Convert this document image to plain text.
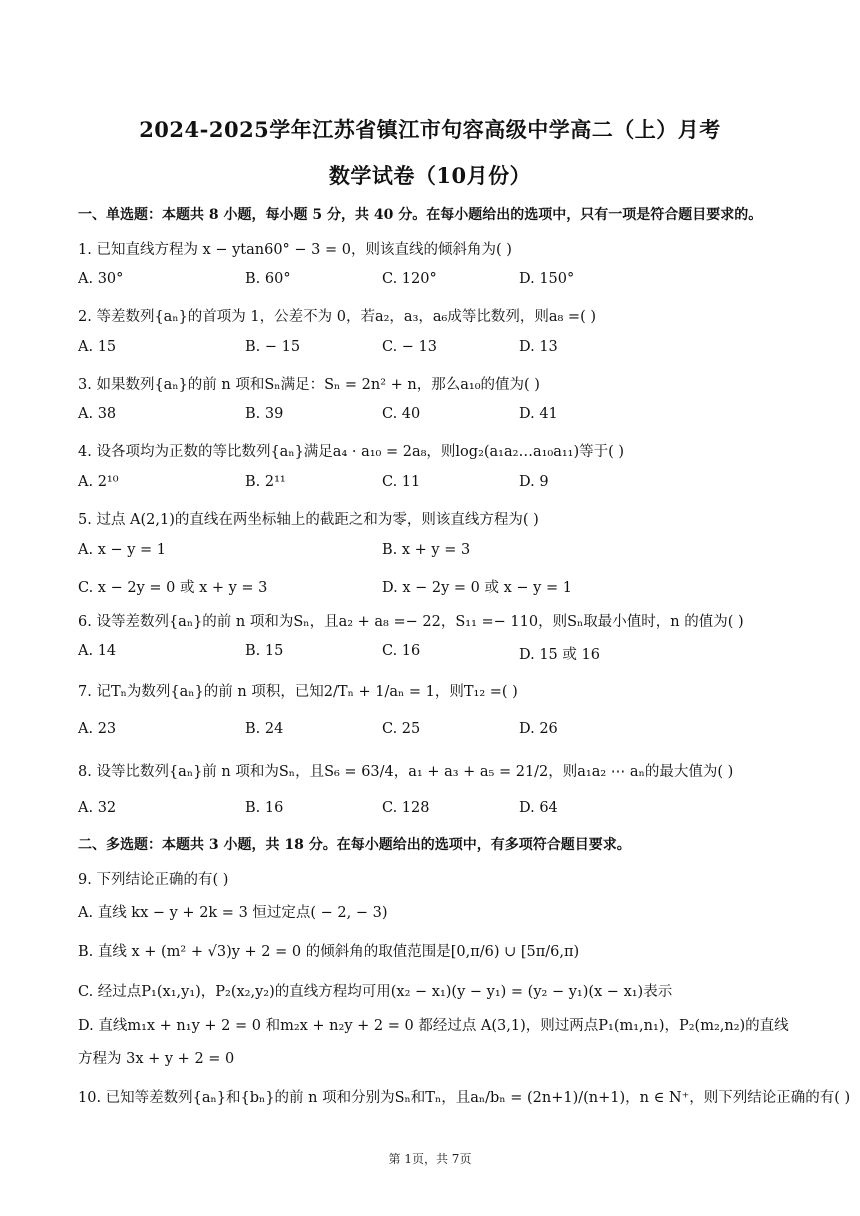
2024-2025学年江苏省镇江市句容高级中学高二（上）月考
数学试卷（10月份）
一、单选题：本题共 8 小题，每小题 5 分，共 40 分。在每小题给出的选项中，只有一项是符合题目要求的。
1. 已知直线方程为 x − ytan60° − 3 = 0，则该直线的倾斜角为( )
A. 30°	B. 60°	C. 120°	D. 150°
2. 等差数列{aₙ}的首项为 1，公差不为 0，若a₂，a₃，a₆成等比数列，则a₈ =( )
A. 15	B. − 15	C. − 13	D. 13
3. 如果数列{aₙ}的前 n 项和Sₙ满足：Sₙ = 2n² + n，那么a₁₀的值为( )
A. 38	B. 39	C. 40	D. 41
4. 设各项均为正数的等比数列{aₙ}满足a₄ · a₁₀ = 2a₈，则log₂(a₁a₂…a₁₀a₁₁)等于( )
A. 2¹⁰	B. 2¹¹	C. 11	D. 9
5. 过点 A(2,1)的直线在两坐标轴上的截距之和为零，则该直线方程为( )
A. x − y = 1	B. x + y = 3
C. x − 2y = 0 或 x + y = 3	D. x − 2y = 0 或 x − y = 1
6. 设等差数列{aₙ}的前 n 项和为Sₙ，且a₂ + a₈ =− 22，S₁₁ =− 110，则Sₙ取最小值时，n 的值为( )
A. 14	B. 15	C. 16	D. 15 或 16
7. 记Tₙ为数列{aₙ}的前 n 项积，已知2/Tₙ + 1/aₙ = 1，则T₁₂ =( )
A. 23	B. 24	C. 25	D. 26
8. 设等比数列{aₙ}前 n 项和为Sₙ，且S₆ = 63/4，a₁ + a₃ + a₅ = 21/2，则a₁a₂ ⋯ aₙ的最大值为( )
A. 32	B. 16	C. 128	D. 64
二、多选题：本题共 3 小题，共 18 分。在每小题给出的选项中，有多项符合题目要求。
9. 下列结论正确的有( )
A. 直线 kx − y + 2k = 3 恒过定点( − 2, − 3)
B. 直线 x + (m² + √3)y + 2 = 0 的倾斜角的取值范围是[0,π/6) ∪ [5π/6,π)
C. 经过点P₁(x₁,y₁)，P₂(x₂,y₂)的直线方程均可用(x₂ − x₁)(y − y₁) = (y₂ − y₁)(x − x₁)表示
D. 直线m₁x + n₁y + 2 = 0 和m₂x + n₂y + 2 = 0 都经过点 A(3,1)，则过两点P₁(m₁,n₁)，P₂(m₂,n₂)的直线
方程为 3x + y + 2 = 0
10. 已知等差数列{aₙ}和{bₙ}的前 n 项和分别为Sₙ和Tₙ，且aₙ/bₙ = (2n+1)/(n+1)，n ∈ N⁺，则下列结论正确的有( )
第 1页，共 7页
